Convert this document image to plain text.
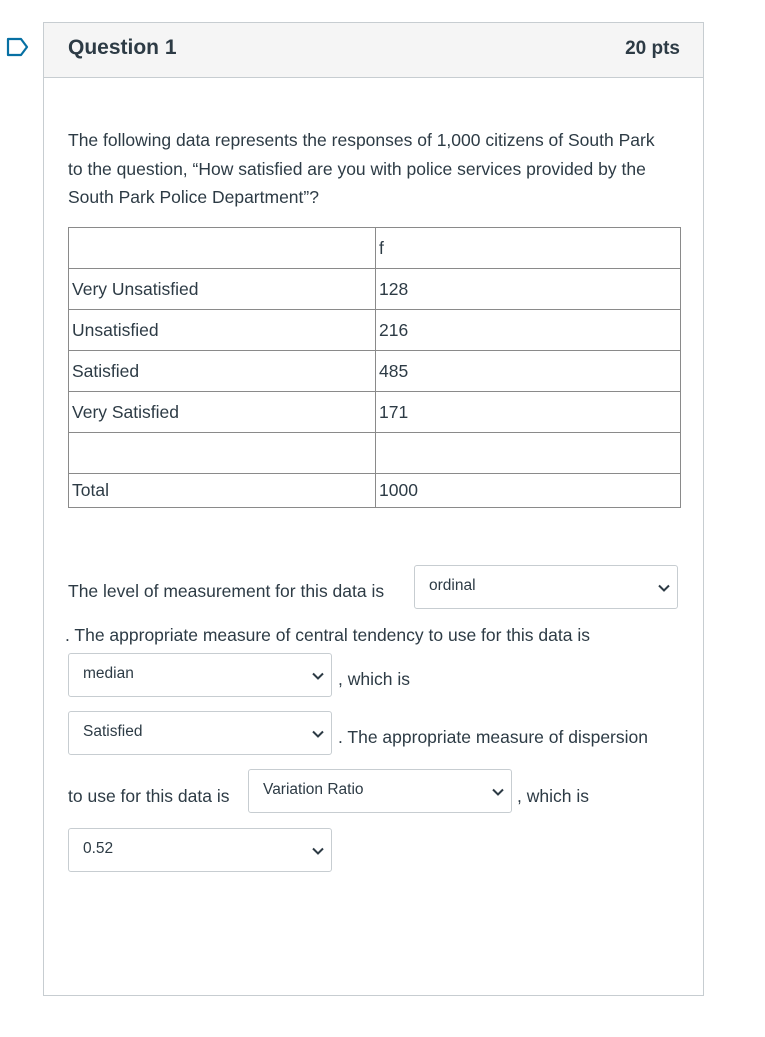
Question 1	20 pts
The following data represents the responses of 1,000 citizens of South Park to the question, “How satisfied are you with police services provided by the South Park Police Department”?
	f
Very Unsatisfied	128
Unsatisfied	216
Satisfied	485
Very Satisfied	171

Total	1000
The level of measurement for this data is	ordinal
. The appropriate measure of central tendency to use for this data is
median	, which is
Satisfied	. The appropriate measure of dispersion
to use for this data is Variation Ratio	, which is
0.52
